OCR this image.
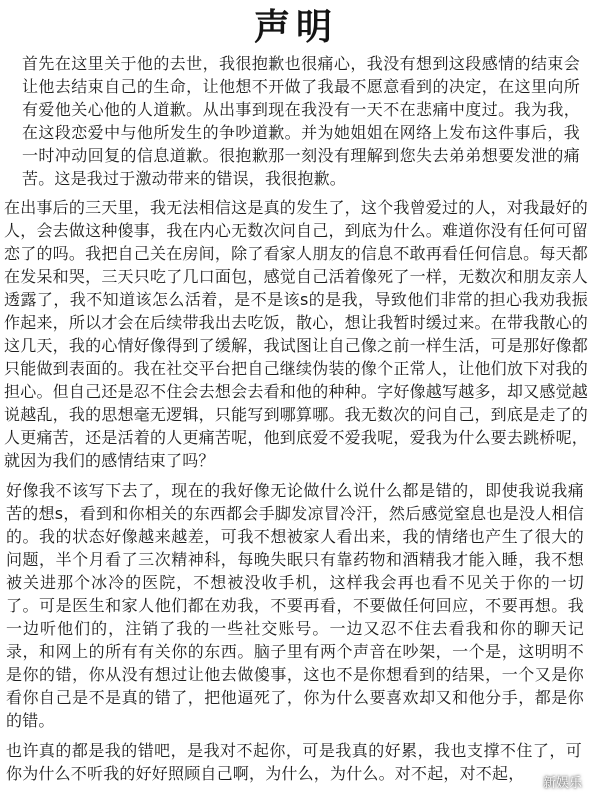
声明

首先在这里关于他的去世，我很抱歉也很痛心，我没有想到这段感情的结束会让他去结束自己的生命，让他想不开做了我最不愿意看到的决定，在这里向所有爱他关心他的人道歉。从出事到现在我没有一天不在悲痛中度过。我为我，在这段恋爱中与他所发生的争吵道歉。并为她姐姐在网络上发布这件事后，我一时冲动回复的信息道歉。很抱歉那一刻没有理解到您失去弟弟想要发泄的痛苦。这是我过于激动带来的错误，我很抱歉。

在出事后的三天里，我无法相信这是真的发生了，这个我曾爱过的人，对我最好的人，会去做这种傻事，我在内心无数次问自己，到底为什么。难道你没有任何可留恋了的吗。我把自己关在房间，除了看家人朋友的信息不敢再看任何信息。每天都在发呆和哭，三天只吃了几口面包，感觉自己活着像死了一样，无数次和朋友亲人透露了，我不知道该怎么活着，是不是该s的是我，导致他们非常的担心我劝我振作起来，所以才会在后续带我出去吃饭，散心，想让我暂时缓过来。在带我散心的这几天，我的心情好像得到了缓解，我试图让自己像之前一样生活，可是那好像都只能做到表面的。我在社交平台把自己继续伪装的像个正常人，让他们放下对我的担心。但自己还是忍不住会去想会去看和他的种种。字好像越写越多，却又感觉越说越乱，我的思想毫无逻辑，只能写到哪算哪。我无数次的问自己，到底是走了的人更痛苦，还是活着的人更痛苦呢，他到底爱不爱我呢，爱我为什么要去跳桥呢，就因为我们的感情结束了吗？

好像我不该写下去了，现在的我好像无论做什么说什么都是错的，即使我说我痛苦的想s，看到和你相关的东西都会手脚发凉冒冷汗，然后感觉窒息也是没人相信的。我的状态好像越来越差，可我不想被家人看出来，我的情绪也产生了很大的问题，半个月看了三次精神科，每晚失眠只有靠药物和酒精我才能入睡，我不想被关进那个冰冷的医院，不想被没收手机，这样我会再也看不见关于你的一切了。可是医生和家人他们都在劝我，不要再看，不要做任何回应，不要再想。我一边听他们的，注销了我的一些社交账号。一边又忍不住去看我和你的聊天记录，和网上的所有有关你的东西。脑子里有两个声音在吵架，一个是，这明明不是你的错，你从没有想过让他去做傻事，这也不是你想看到的结果，一个又是你看你自己是不是真的错了，把他逼死了，你为什么要喜欢却又和他分手，都是你的错。

也许真的都是我的错吧，是我对不起你，可是我真的好累，我也支撑不住了，可你为什么不听我的好好照顾自己啊，为什么，为什么。对不起，对不起，

新娱乐
